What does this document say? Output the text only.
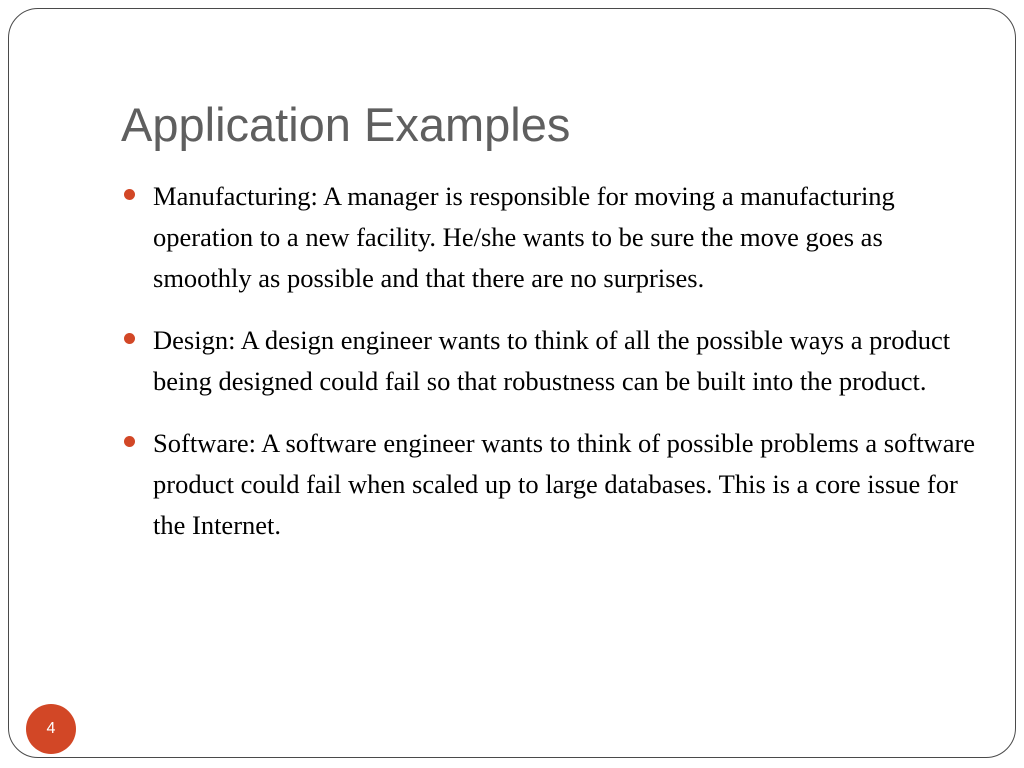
Application Examples
Manufacturing: A manager is responsible for moving a manufacturing operation to a new facility. He/she wants to be sure the move goes as smoothly as possible and that there are no surprises.
Design: A design engineer wants to think of all the possible ways a product being designed could fail so that robustness can be built into the product.
Software: A software engineer wants to think of possible problems a software product could fail when scaled up to large databases. This is a core issue for the Internet.
4
